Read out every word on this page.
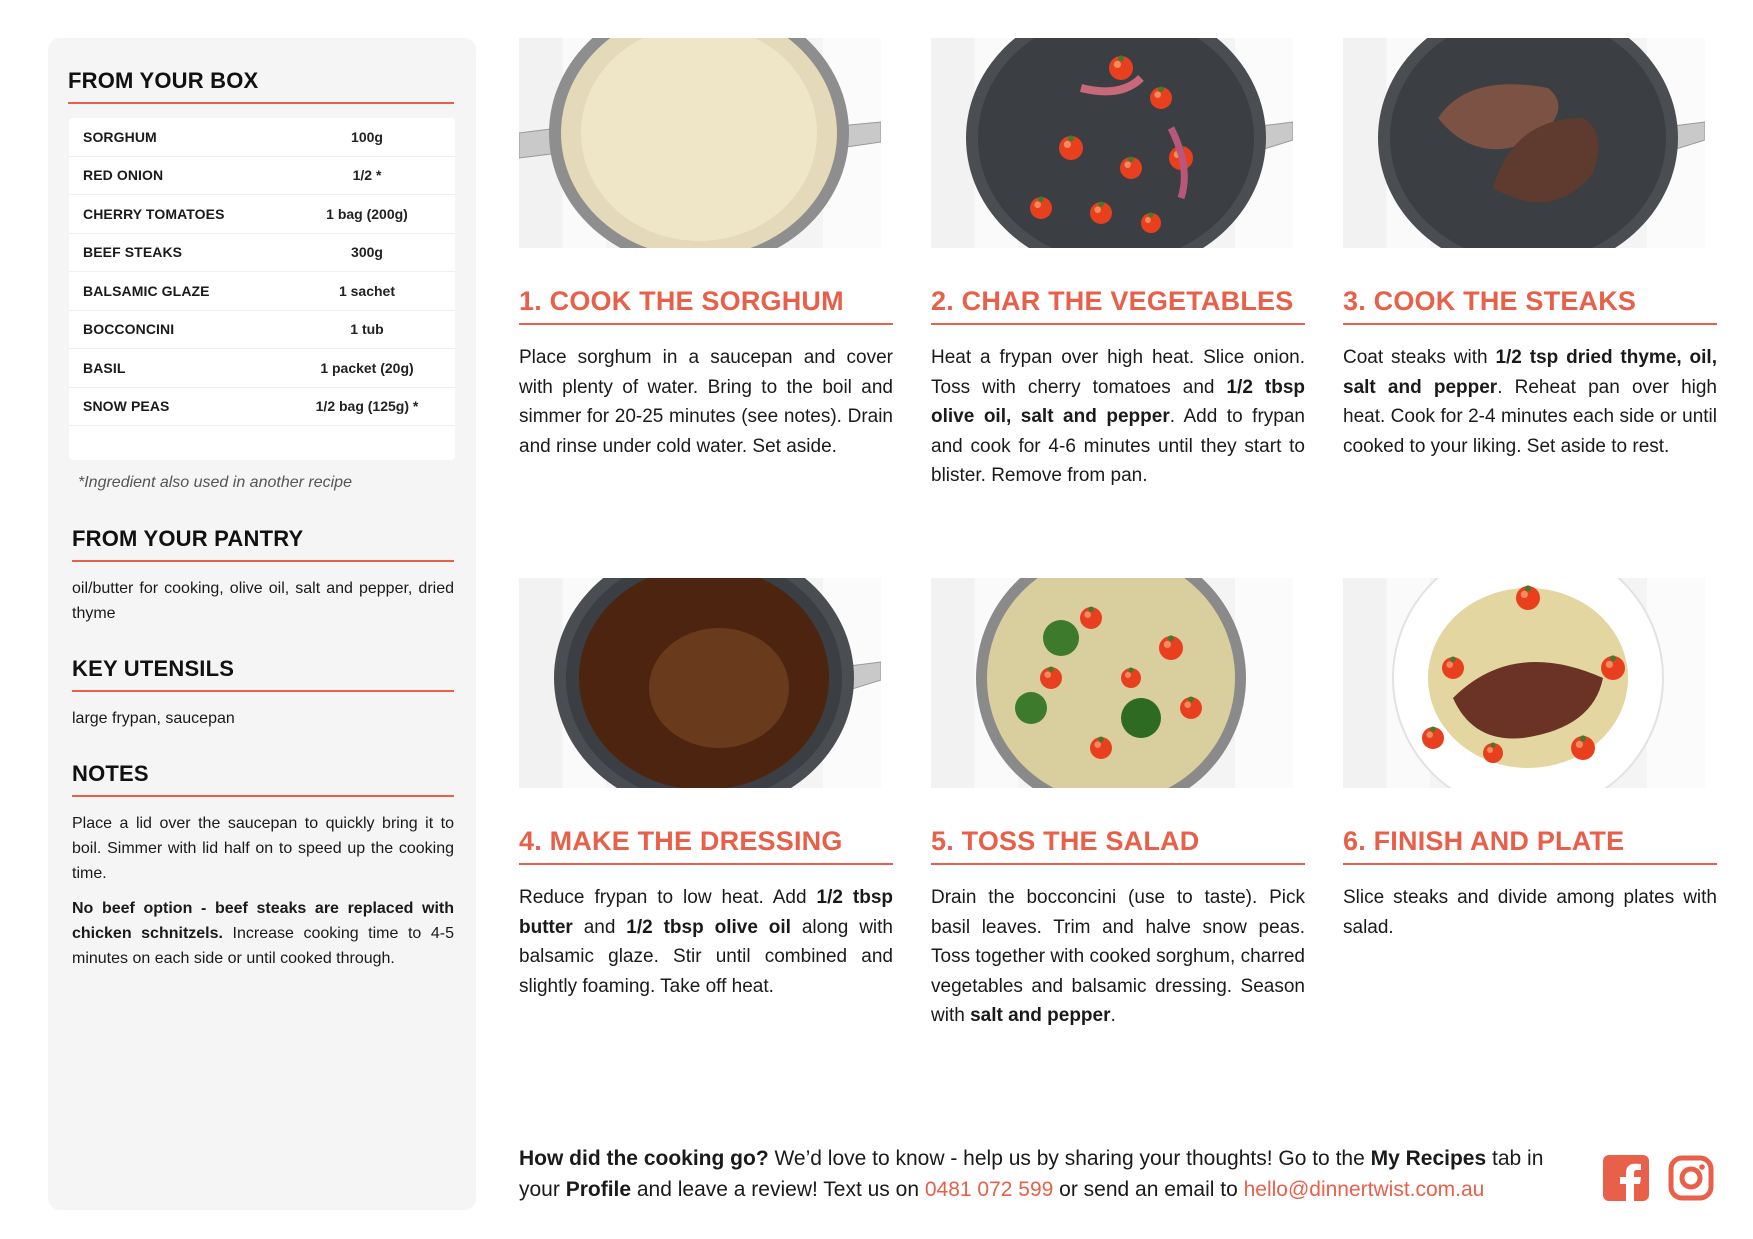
FROM YOUR BOX
SORGHUM	100g
RED ONION	1/2 *
CHERRY TOMATOES	1 bag (200g)
BEEF STEAKS	300g
BALSAMIC GLAZE	1 sachet
BOCCONCINI	1 tub
BASIL	1 packet (20g)
SNOW PEAS	1/2 bag (125g) *
*Ingredient also used in another recipe
FROM YOUR PANTRY

oil/butter for cooking, olive oil, salt and pepper, dried thyme

KEY UTENSILS

large frypan, saucepan

NOTES

Place a lid over the saucepan to quickly bring it to boil. Simmer with lid half on to speed up the cooking time.

No beef option - beef steaks are replaced with chicken schnitzels. Increase cooking time to 4-5 minutes on each side or until cooked through.

1. COOK THE SORGHUM

Place sorghum in a saucepan and cover with plenty of water. Bring to the boil and simmer for 20-25 minutes (see notes). Drain and rinse under cold water. Set aside.

2. CHAR THE VEGETABLES

Heat a frypan over high heat. Slice onion. Toss with cherry tomatoes and 1/2 tbsp olive oil, salt and pepper. Add to frypan and cook for 4-6 minutes until they start to blister. Remove from pan.

3. COOK THE STEAKS

Coat steaks with 1/2 tsp dried thyme, oil, salt and pepper. Reheat pan over high heat. Cook for 2-4 minutes each side or until cooked to your liking. Set aside to rest.

4. MAKE THE DRESSING

Reduce frypan to low heat. Add 1/2 tbsp butter and 1/2 tbsp olive oil along with balsamic glaze. Stir until combined and slightly foaming. Take off heat.

5. TOSS THE SALAD

Drain the bocconcini (use to taste). Pick basil leaves. Trim and halve snow peas. Toss together with cooked sorghum, charred vegetables and balsamic dressing. Season with salt and pepper.

6. FINISH AND PLATE

Slice steaks and divide among plates with salad.

How did the cooking go? We’d love to know - help us by sharing your thoughts! Go to the My Recipes tab in your Profile and leave a review! Text us on 0481 072 599 or send an email to hello@dinnertwist.com.au
